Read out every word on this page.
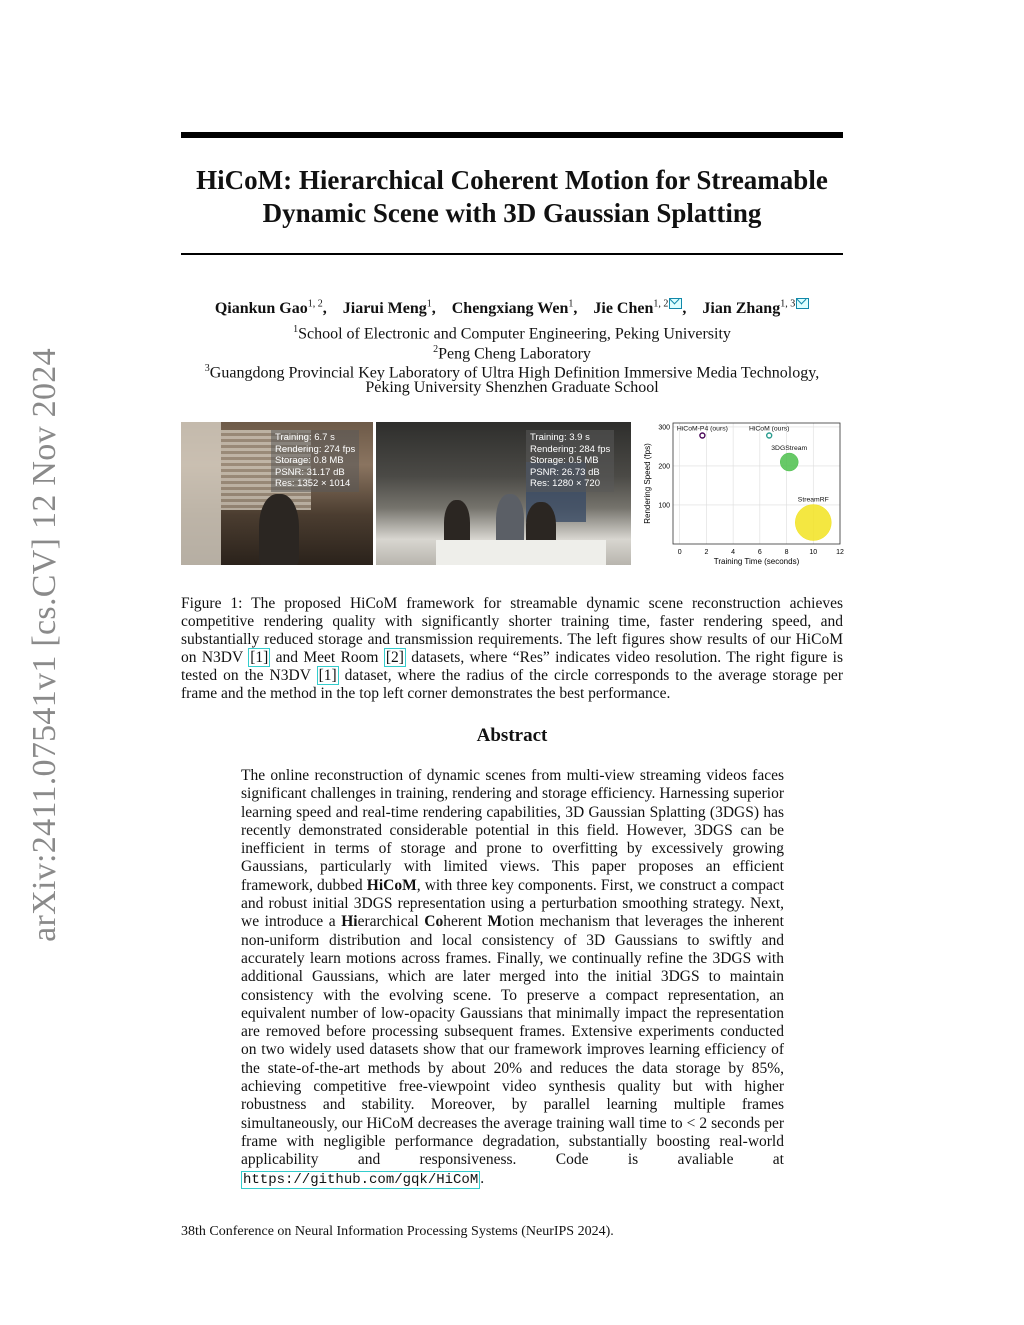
arXiv:2411.07541v1 [cs.CV] 12 Nov 2024
HiCoM: Hierarchical Coherent Motion for Streamable
Dynamic Scene with 3D Gaussian Splatting
Qiankun Gao$^{1, 2}$, Jiarui Meng$^1$, Chengxiang Wen$^1$, Jie Chen$^{1, 2}$ , Jian Zhang$^{1, 3}$
$^1$School of Electronic and Computer Engineering, Peking University
$^2$Peng Cheng Laboratory
$^3$Guangdong Provincial Key Laboratory of Ultra High Definition Immersive Media Technology,
Peking University Shenzhen Graduate School
Training: 6.7 s
Rendering: 274 fps
Storage: 0.8 MB
PSNR: 31.17 dB
Res: 1352 × 1014
Training: 3.9 s
Rendering: 284 fps
Storage: 0.5 MB
PSNR: 26.73 dB
Res: 1280 × 720
HiCoM-P4 (ours)	HiCoM (ours)
3DGStream
StreamRF
0	2	4	6	8	10	12
100
200
300
Training Time (seconds)
Rendering Speed (fps)
Figure 1: The proposed HiCoM framework for streamable dynamic scene reconstruction achieves competitive rendering quality with significantly shorter training time, faster rendering speed, and substantially reduced storage and transmission requirements. The left figures show results of our HiCoM on N3DV [1] and Meet Room [2] datasets, where “Res” indicates video resolution. The right figure is tested on the N3DV [1] dataset, where the radius of the circle corresponds to the average storage per frame and the method in the top left corner demonstrates the best performance.
Abstract

The online reconstruction of dynamic scenes from multi-view streaming videos faces significant challenges in training, rendering and storage efficiency. Harnessing superior learning speed and real-time rendering capabilities, 3D Gaussian Splatting (3DGS) has recently demonstrated considerable potential in this field. However, 3DGS can be inefficient in terms of storage and prone to overfitting by excessively growing Gaussians, particularly with limited views. This paper proposes an efficient framework, dubbed HiCoM, with three key components. First, we construct a compact and robust initial 3DGS representation using a perturbation smoothing strategy. Next, we introduce a Hierarchical Coherent Motion mechanism that leverages the inherent non-uniform distribution and local consistency of 3D Gaussians to swiftly and accurately learn motions across frames. Finally, we continually refine the 3DGS with additional Gaussians, which are later merged into the initial 3DGS to maintain consistency with the evolving scene. To preserve a compact representation, an equivalent number of low-opacity Gaussians that minimally impact the representation are removed before processing subsequent frames. Extensive experiments conducted on two widely used datasets show that our framework improves learning efficiency of the state-of-the-art methods by about 20% and reduces the data storage by 85%, achieving competitive free-viewpoint video synthesis quality but with higher robustness and stability. Moreover, by parallel learning multiple frames simultaneously, our HiCoM decreases the average training wall time to < 2 seconds per frame with negligible performance degradation, substantially boosting real-world applicability and responsiveness. Code is avaliable at https://github.com/gqk/HiCoM .

38th Conference on Neural Information Processing Systems (NeurIPS 2024).
